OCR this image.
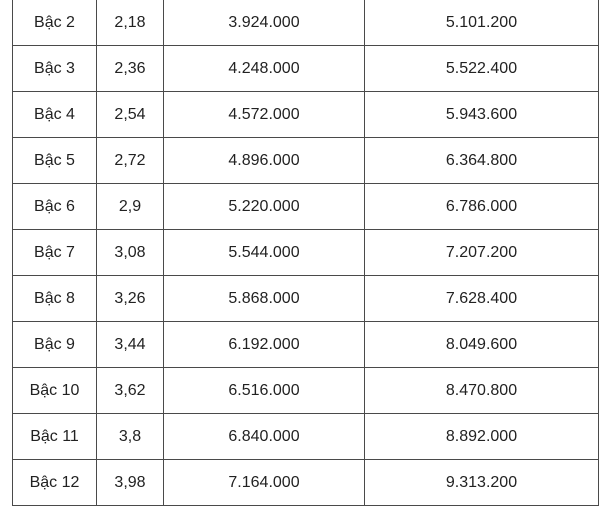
Bậc 2	2,18	3.924.000	5.101.200
Bậc 3	2,36	4.248.000	5.522.400
Bậc 4	2,54	4.572.000	5.943.600
Bậc 5	2,72	4.896.000	6.364.800
Bậc 6	2,9	5.220.000	6.786.000
Bậc 7	3,08	5.544.000	7.207.200
Bậc 8	3,26	5.868.000	7.628.400
Bậc 9	3,44	6.192.000	8.049.600
Bậc 10	3,62	6.516.000	8.470.800
Bậc 11	3,8	6.840.000	8.892.000
Bậc 12	3,98	7.164.000	9.313.200
